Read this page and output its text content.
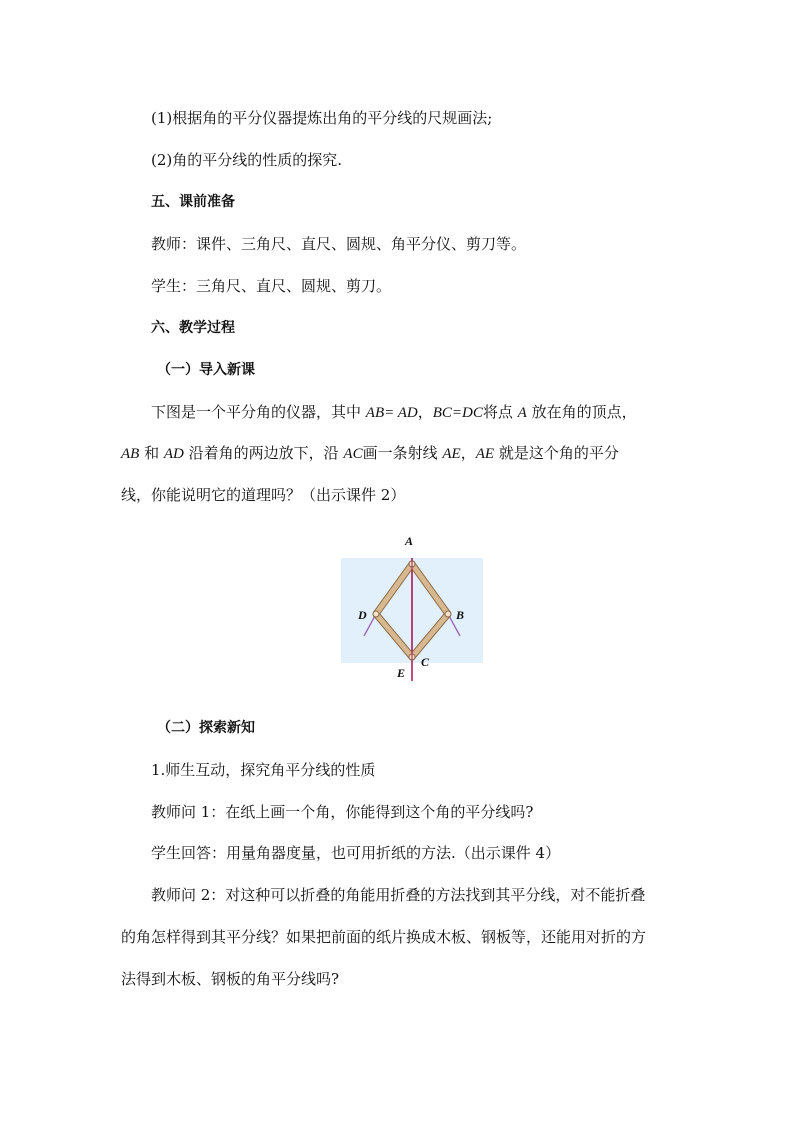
(1)根据角的平分仪器提炼出角的平分线的尺规画法;
(2)角的平分线的性质的探究.
五、课前准备
教师：课件、三角尺、直尺、圆规、角平分仪、剪刀等。
学生：三角尺、直尺、圆规、剪刀。
六、教学过程
（一）导入新课
下图是一个平分角的仪器，其中 AB= AD，BC=DC将点 A 放在角的顶点，
AB 和 AD 沿着角的两边放下，沿 AC画一条射线 AE，AE 就是这个角的平分
线，你能说明它的道理吗？（出示课件 2）
A
D	B
C
E
（二）探索新知
1.师生互动，探究角平分线的性质
教师问 1：在纸上画一个角，你能得到这个角的平分线吗?
学生回答：用量角器度量，也可用折纸的方法.（出示课件 4）
教师问 2：对这种可以折叠的角能用折叠的方法找到其平分线，对不能折叠
的角怎样得到其平分线？如果把前面的纸片换成木板、钢板等，还能用对折的方
法得到木板、钢板的角平分线吗?
